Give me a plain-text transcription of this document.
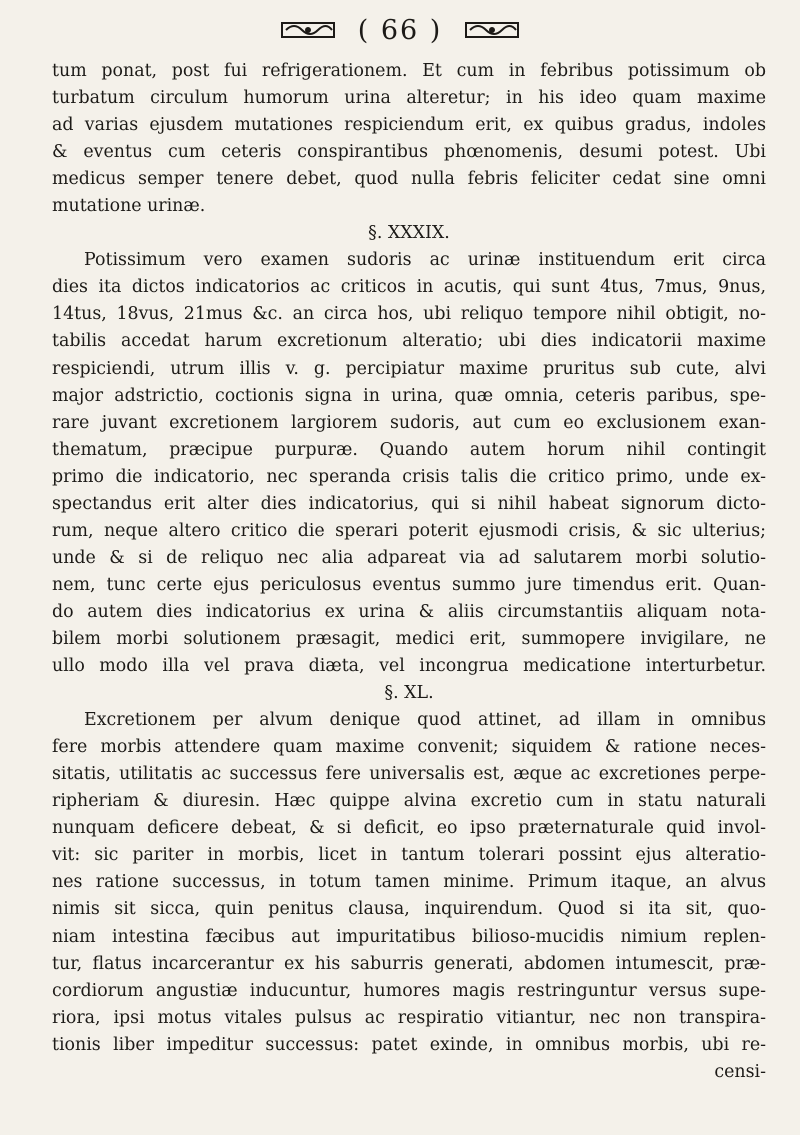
( 66 )
tum ponat, post fui refrigerationem. Et cum in febribus potissimum ob
turbatum circulum humorum urina alteretur; in his ideo quam maxime
ad varias ejusdem mutationes respiciendum erit, ex quibus gradus, indoles
& eventus cum ceteris conspirantibus phœnomenis, desumi potest. Ubi
medicus semper tenere debet, quod nulla febris feliciter cedat sine omni
mutatione urinæ.
§. XXXIX.
Potissimum vero examen sudoris ac urinæ instituendum erit circa
dies ita dictos indicatorios ac criticos in acutis, qui sunt 4tus, 7mus, 9nus,
14tus, 18vus, 21mus &c. an circa hos, ubi reliquo tempore nihil obtigit, no-
tabilis accedat harum excretionum alteratio; ubi dies indicatorii maxime
respiciendi, utrum illis v. g. percipiatur maxime pruritus sub cute, alvi
major adstrictio, coctionis signa in urina, quæ omnia, ceteris paribus, spe-
rare juvant excretionem largiorem sudoris, aut cum eo exclusionem exan-
thematum, præcipue purpuræ. Quando autem horum nihil contingit
primo die indicatorio, nec speranda crisis talis die critico primo, unde ex-
spectandus erit alter dies indicatorius, qui si nihil habeat signorum dicto-
rum, neque altero critico die sperari poterit ejusmodi crisis, & sic ulterius;
unde & si de reliquo nec alia adpareat via ad salutarem morbi solutio-
nem, tunc certe ejus periculosus eventus summo jure timendus erit. Quan-
do autem dies indicatorius ex urina & aliis circumstantiis aliquam nota-
bilem morbi solutionem præsagit, medici erit, summopere invigilare, ne
ullo modo illa vel prava diæta, vel incongrua medicatione interturbetur.
§. XL.
Excretionem per alvum denique quod attinet, ad illam in omnibus
fere morbis attendere quam maxime convenit; siquidem & ratione neces-
sitatis, utilitatis ac successus fere universalis est, æque ac excretiones perpe-
ripheriam & diuresin. Hæc quippe alvina excretio cum in statu naturali
nunquam deficere debeat, & si deficit, eo ipso præternaturale quid invol-
vit: sic pariter in morbis, licet in tantum tolerari possint ejus alteratio-
nes ratione successus, in totum tamen minime. Primum itaque, an alvus
nimis sit sicca, quin penitus clausa, inquirendum. Quod si ita sit, quo-
niam intestina fæcibus aut impuritatibus bilioso-mucidis nimium replen-
tur, flatus incarcerantur ex his saburris generati, abdomen intumescit, præ-
cordiorum angustiæ inducuntur, humores magis restringuntur versus supe-
riora, ipsi motus vitales pulsus ac respiratio vitiantur, nec non transpira-
tionis liber impeditur successus: patet exinde, in omnibus morbis, ubi re-
censi-
